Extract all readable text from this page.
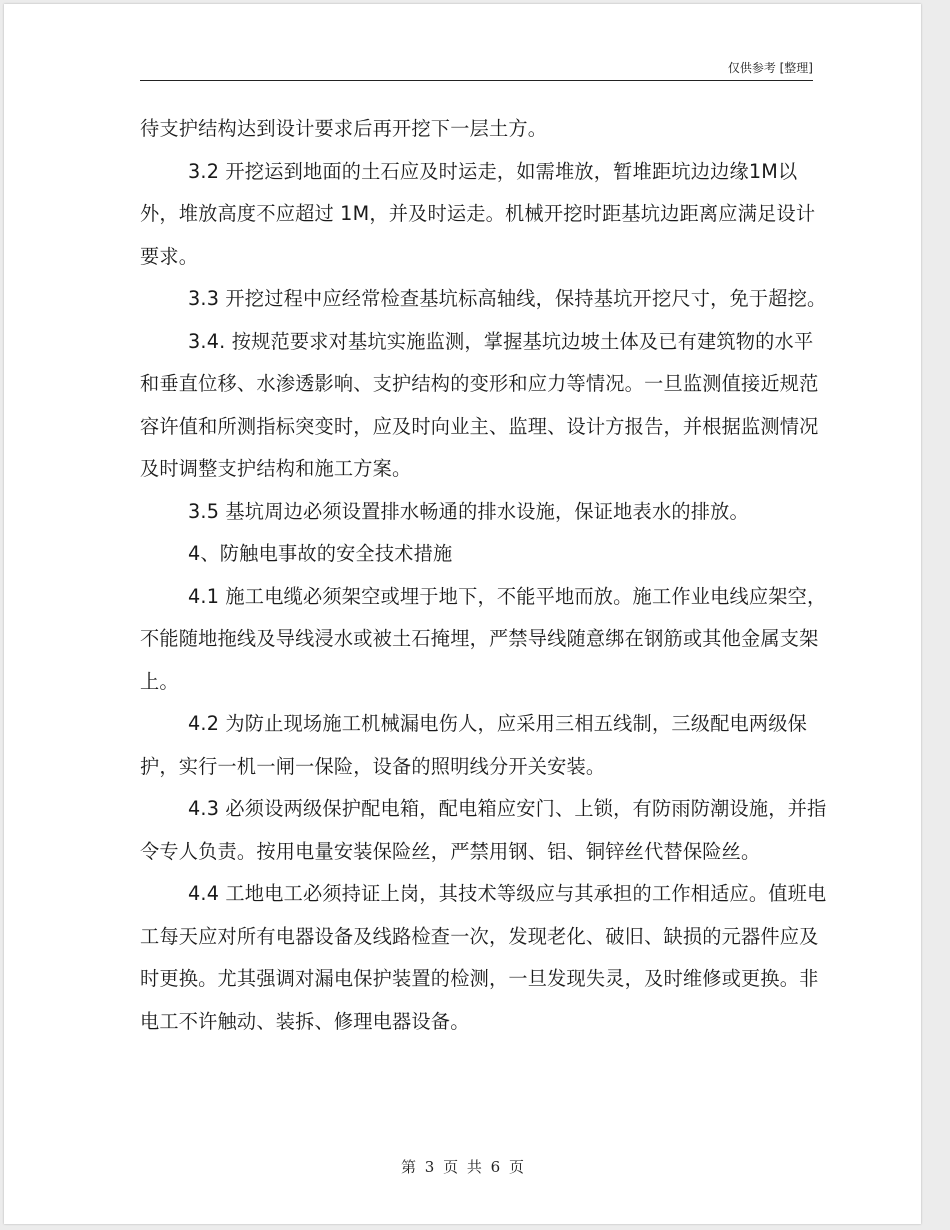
仅供参考 [整理]

待支护结构达到设计要求后再开挖下一层土方。

3.2 开挖运到地面的土石应及时运走，如需堆放，暂堆距坑边边缘1M以外，堆放高度不应超过 1M，并及时运走。机械开挖时距基坑边距离应满足设计要求。

3.3 开挖过程中应经常检查基坑标高轴线，保持基坑开挖尺寸，免于超挖。

3.4. 按规范要求对基坑实施监测，掌握基坑边坡土体及已有建筑物的水平和垂直位移、水渗透影响、支护结构的变形和应力等情况。一旦监测值接近规范容许值和所测指标突变时，应及时向业主、监理、设计方报告，并根据监测情况及时调整支护结构和施工方案。

3.5 基坑周边必须设置排水畅通的排水设施，保证地表水的排放。

4、防触电事故的安全技术措施

4.1 施工电缆必须架空或埋于地下，不能平地而放。施工作业电线应架空，不能随地拖线及导线浸水或被土石掩埋，严禁导线随意绑在钢筋或其他金属支架上。

4.2 为防止现场施工机械漏电伤人，应采用三相五线制，三级配电两级保护，实行一机一闸一保险，设备的照明线分开关安装。

4.3 必须设两级保护配电箱，配电箱应安门、上锁，有防雨防潮设施，并指令专人负责。按用电量安装保险丝，严禁用钢、铝、铜锌丝代替保险丝。

4.4 工地电工必须持证上岗，其技术等级应与其承担的工作相适应。值班电工每天应对所有电器设备及线路检查一次，发现老化、破旧、缺损的元器件应及时更换。尤其强调对漏电保护装置的检测，一旦发现失灵，及时维修或更换。非电工不许触动、装拆、修理电器设备。

第 3 页 共 6 页
